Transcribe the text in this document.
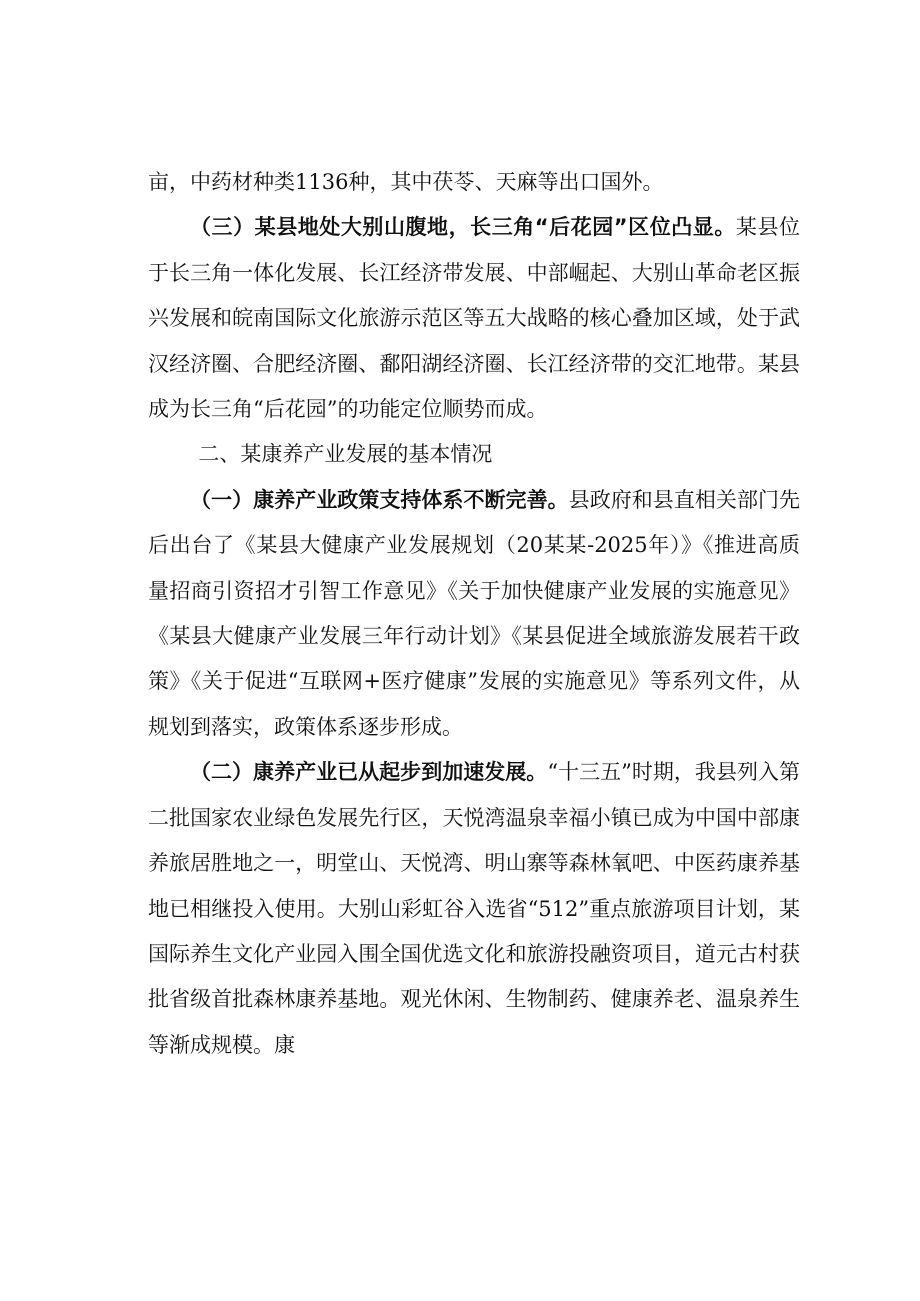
亩，中药材种类1136种，其中茯苓、天麻等出口国外。

（三）某县地处大别山腹地，长三角“后花园”区位凸显。某县位于长三角一体化发展、长江经济带发展、中部崛起、大别山革命老区振兴发展和皖南国际文化旅游示范区等五大战略的核心叠加区域，处于武汉经济圈、合肥经济圈、鄱阳湖经济圈、长江经济带的交汇地带。某县成为长三角“后花园”的功能定位顺势而成。

二、某康养产业发展的基本情况

（一）康养产业政策支持体系不断完善。县政府和县直相关部门先后出台了《某县大健康产业发展规划（20某某-2025年）》《推进高质量招商引资招才引智工作意见》《关于加快健康产业发展的实施意见》《某县大健康产业发展三年行动计划》《某县促进全域旅游发展若干政策》《关于促进“互联网+医疗健康”发展的实施意见》等系列文件，从规划到落实，政策体系逐步形成。

（二）康养产业已从起步到加速发展。“十三五”时期，我县列入第二批国家农业绿色发展先行区，天悦湾温泉幸福小镇已成为中国中部康养旅居胜地之一，明堂山、天悦湾、明山寨等森林氧吧、中医药康养基地已相继投入使用。大别山彩虹谷入选省“512”重点旅游项目计划，某国际养生文化产业园入围全国优选文化和旅游投融资项目，道元古村获批省级首批森林康养基地。观光休闲、生物制药、健康养老、温泉养生等渐成规模。康
